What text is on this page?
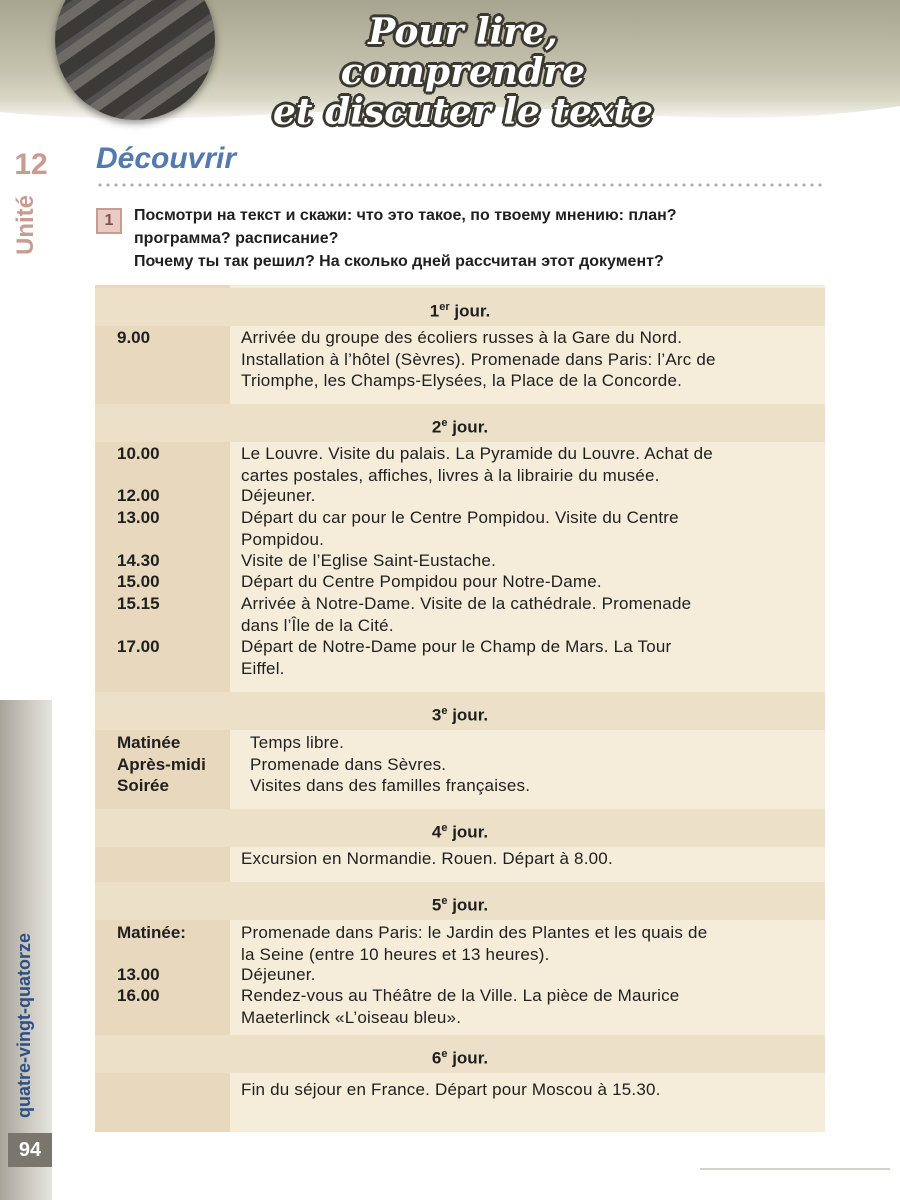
Pour lire, comprendre
et discuter le texte
12
Unité
quatre-vingt-quatorze
94
Découvrir
1	Посмотри на текст и скажи: что это такое, по твоему мнению: план?
программа? расписание?
Почему ты так решил? На сколько дней рассчитан этот документ?
1er jour.
9.00	Arrivée du groupe des écoliers russes à la Gare du Nord.
Installation à l’hôtel (Sèvres). Promenade dans Paris: l’Arc de
Triomphe, les Champs-Elysées, la Place de la Concorde.
2e jour.
10.00	Le Louvre. Visite du palais. La Pyramide du Louvre. Achat de
cartes postales, affiches, livres à la librairie du musée.
12.00	Déjeuner.
13.00	Départ du car pour le Centre Pompidou. Visite du Centre
Pompidou.
14.30	Visite de l’Eglise Saint-Eustache.
15.00	Départ du Centre Pompidou pour Notre-Dame.
15.15	Arrivée à Notre-Dame. Visite de la cathédrale. Promenade
dans l’Île de la Cité.
17.00	Départ de Notre-Dame pour le Champ de Mars. La Tour
Eiffel.
3e jour.
Matinée	Temps libre.
Après-midi	Promenade dans Sèvres.
Soirée	Visites dans des familles françaises.
4e jour.
Excursion en Normandie. Rouen. Départ à 8.00.
5e jour.
Matinée:	Promenade dans Paris: le Jardin des Plantes et les quais de
la Seine (entre 10 heures et 13 heures).
13.00	Déjeuner.
16.00	Rendez-vous au Théâtre de la Ville. La pièce de Maurice
Maeterlinck «L’oiseau bleu».
6e jour.
Fin du séjour en France. Départ pour Moscou à 15.30.
